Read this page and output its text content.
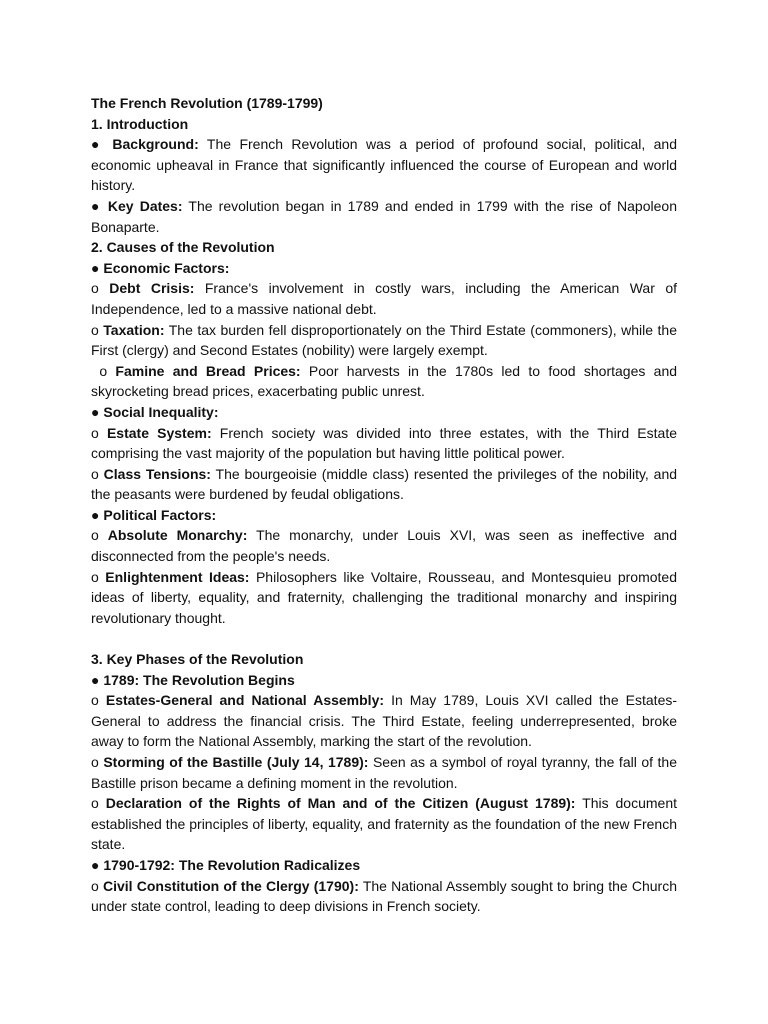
The French Revolution (1789-1799)

1. Introduction

● Background: The French Revolution was a period of profound social, political, and economic upheaval in France that significantly influenced the course of European and world history.

● Key Dates: The revolution began in 1789 and ended in 1799 with the rise of Napoleon Bonaparte.

2. Causes of the Revolution

● Economic Factors:

o Debt Crisis: France's involvement in costly wars, including the American War of Independence, led to a massive national debt.

o Taxation: The tax burden fell disproportionately on the Third Estate (commoners), while the First (clergy) and Second Estates (nobility) were largely exempt.

o Famine and Bread Prices: Poor harvests in the 1780s led to food shortages and skyrocketing bread prices, exacerbating public unrest.

● Social Inequality:

o Estate System: French society was divided into three estates, with the Third Estate comprising the vast majority of the population but having little political power.

o Class Tensions: The bourgeoisie (middle class) resented the privileges of the nobility, and the peasants were burdened by feudal obligations.

● Political Factors:

o Absolute Monarchy: The monarchy, under Louis XVI, was seen as ineffective and disconnected from the people's needs.

o Enlightenment Ideas: Philosophers like Voltaire, Rousseau, and Montesquieu promoted ideas of liberty, equality, and fraternity, challenging the traditional monarchy and inspiring revolutionary thought.

3. Key Phases of the Revolution

● 1789: The Revolution Begins

o Estates-General and National Assembly: In May 1789, Louis XVI called the Estates-General to address the financial crisis. The Third Estate, feeling underrepresented, broke away to form the National Assembly, marking the start of the revolution.

o Storming of the Bastille (July 14, 1789): Seen as a symbol of royal tyranny, the fall of the Bastille prison became a defining moment in the revolution.

o Declaration of the Rights of Man and of the Citizen (August 1789): This document established the principles of liberty, equality, and fraternity as the foundation of the new French state.

● 1790-1792: The Revolution Radicalizes

o Civil Constitution of the Clergy (1790): The National Assembly sought to bring the Church under state control, leading to deep divisions in French society.
